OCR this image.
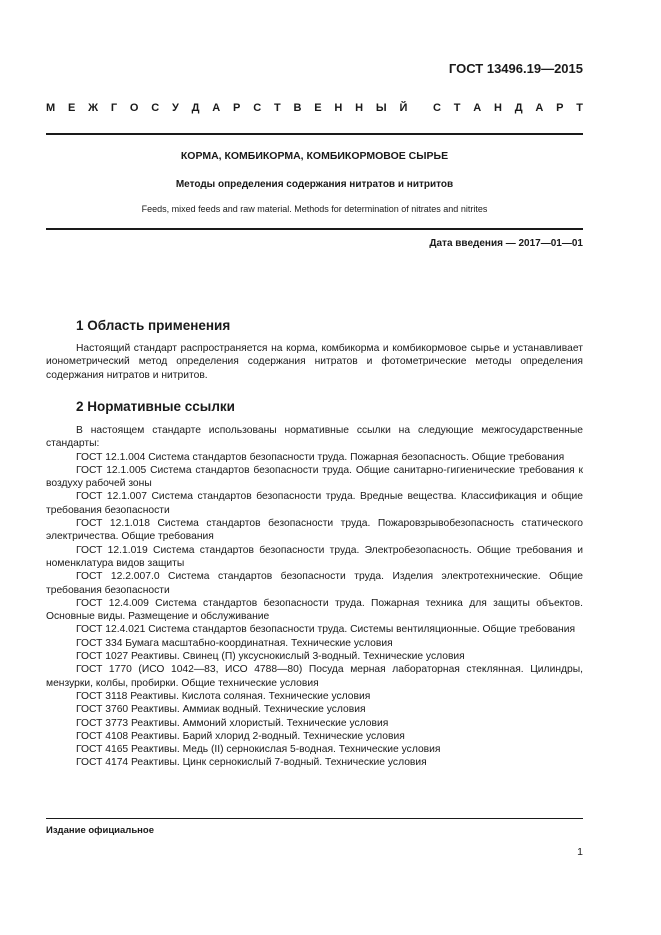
ГОСТ 13496.19—2015
М Е Ж Г О С У Д А Р С Т В Е Н Н Ы Й С Т А Н Д А Р Т
КОРМА, КОМБИКОРМА, КОМБИКОРМОВОЕ СЫРЬЕ
Методы определения содержания нитратов и нитритов
Feeds, mixed feeds and raw material. Methods for determination of nitrates and nitrites
Дата введения — 2017—01—01
1 Область применения
Настоящий стандарт распространяется на корма, комбикорма и комбикормовое сырье и устанавливает ионометрический метод определения содержания нитратов и фотометрические методы определения содержания нитратов и нитритов.
2 Нормативные ссылки
В настоящем стандарте использованы нормативные ссылки на следующие межгосударственные стандарты:
ГОСТ 12.1.004 Система стандартов безопасности труда. Пожарная безопасность. Общие требования
ГОСТ 12.1.005 Система стандартов безопасности труда. Общие санитарно-гигиенические требования к воздуху рабочей зоны
ГОСТ 12.1.007 Система стандартов безопасности труда. Вредные вещества. Классификация и общие требования безопасности
ГОСТ 12.1.018 Система стандартов безопасности труда. Пожаровзрывобезопасность статического электричества. Общие требования
ГОСТ 12.1.019 Система стандартов безопасности труда. Электробезопасность. Общие требования и номенклатура видов защиты
ГОСТ 12.2.007.0 Система стандартов безопасности труда. Изделия электротехнические. Общие требования безопасности
ГОСТ 12.4.009 Система стандартов безопасности труда. Пожарная техника для защиты объектов. Основные виды. Размещение и обслуживание
ГОСТ 12.4.021 Система стандартов безопасности труда. Системы вентиляционные. Общие требования
ГОСТ 334 Бумага масштабно-координатная. Технические условия
ГОСТ 1027 Реактивы. Свинец (П) уксуснокислый 3-водный. Технические условия
ГОСТ 1770 (ИСО 1042—83, ИСО 4788—80) Посуда мерная лабораторная стеклянная. Цилиндры, мензурки, колбы, пробирки. Общие технические условия
ГОСТ 3118 Реактивы. Кислота соляная. Технические условия
ГОСТ 3760 Реактивы. Аммиак водный. Технические условия
ГОСТ 3773 Реактивы. Аммоний хлористый. Технические условия
ГОСТ 4108 Реактивы. Барий хлорид 2-водный. Технические условия
ГОСТ 4165 Реактивы. Медь (II) сернокислая 5-водная. Технические условия
ГОСТ 4174 Реактивы. Цинк сернокислый 7-водный. Технические условия
Издание официальное
1
